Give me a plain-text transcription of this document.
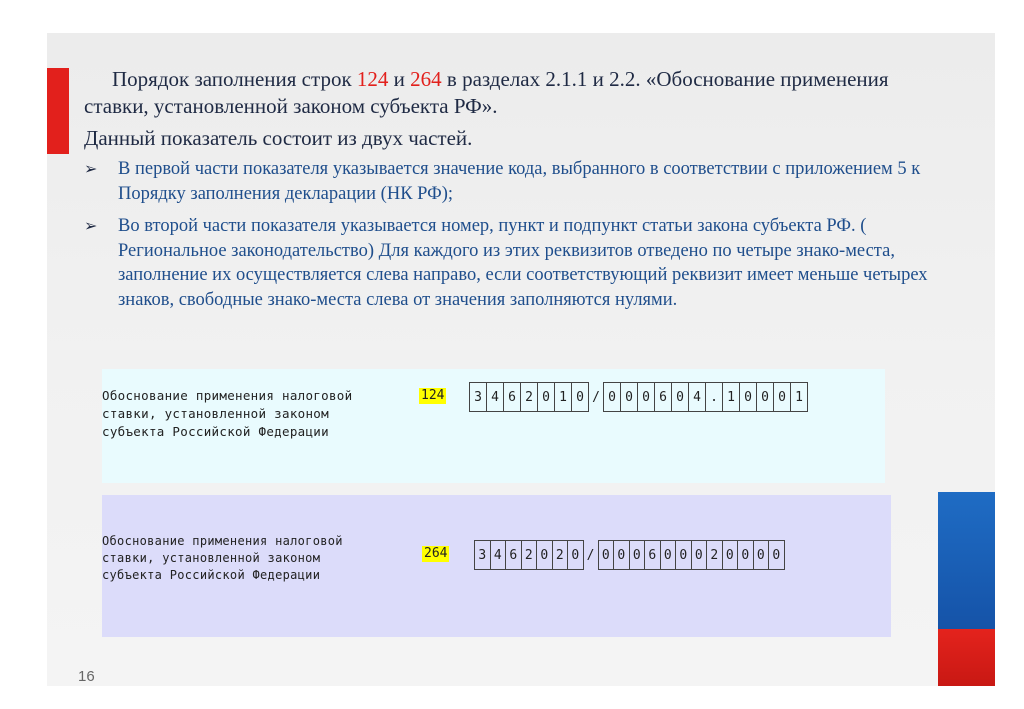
Порядок заполнения строк 124 и 264 в разделах 2.1.1 и 2.2. «Обоснование применения ставки, установленной законом субъекта РФ».
Данный показатель состоит из двух частей.
➢ В первой части показателя указывается значение кода, выбранного в соответствии с приложением 5 к Порядку заполнения декларации (НК РФ);
➢ Во второй части показателя указывается номер, пункт и подпункт статьи закона субъекта РФ. ( Региональное законодательство) Для каждого из этих реквизитов отведено по четыре знако-места, заполнение их осуществляется слева направо, если соответствующий реквизит имеет меньше четырех знаков, свободные знако-места слева от значения заполняются нулями.
Обоснование применения налоговой
ставки, установленной законом
субъекта Российской Федерации
124	3 4 6 2 0 1 0 / 0 0 0 6 0 4 . 1 0 0 0 1
Обоснование применения налоговой
ставки, установленной законом
субъекта Российской Федерации
264 3 4 6 2 0 2 0 / 0 0 0 6 0 0 0 2 0 0 0 0
16
